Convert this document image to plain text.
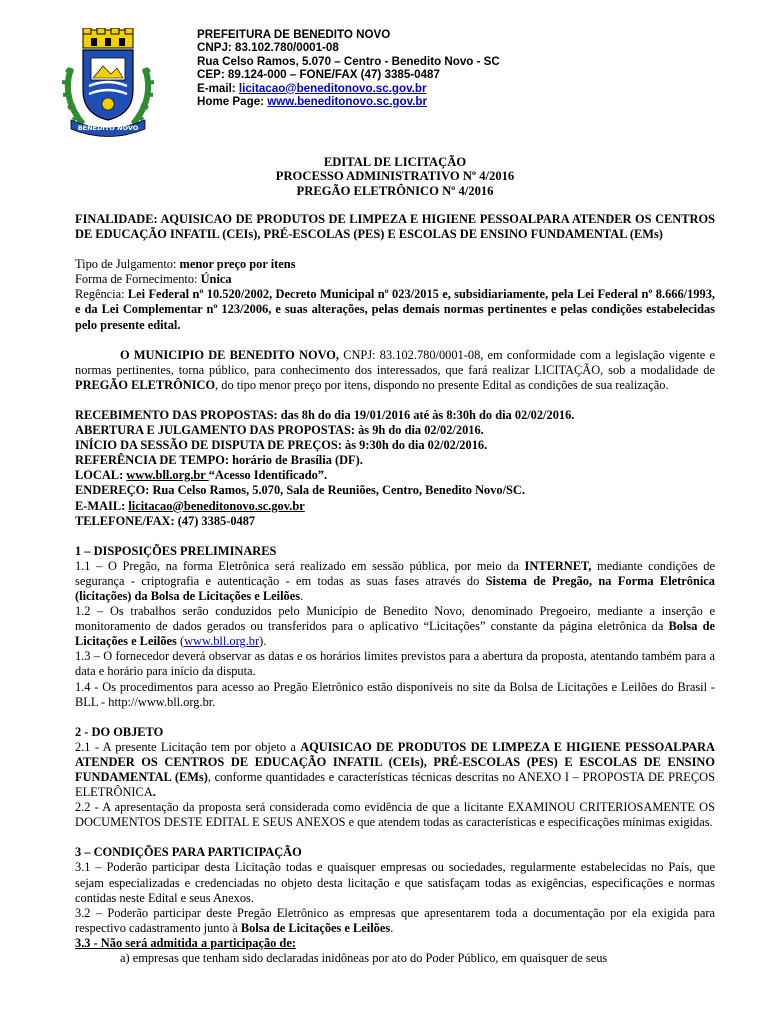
BENEDITO NOVO
PREFEITURA DE BENEDITO NOVO
CNPJ: 83.102.780/0001-08
Rua Celso Ramos, 5.070 – Centro - Benedito Novo - SC
CEP: 89.124-000 – FONE/FAX (47) 3385-0487
E-mail: licitacao@beneditonovo.sc.gov.br
Home Page: www.beneditonovo.sc.gov.br
EDITAL DE LICITAÇÃO
PROCESSO ADMINISTRATIVO Nº 4/2016
PREGÃO ELETRÔNICO Nº 4/2016

FINALIDADE: AQUISICAO DE PRODUTOS DE LIMPEZA E HIGIENE PESSOALPARA ATENDER OS CENTROS DE EDUCAÇÃO INFATIL (CEIs), PRÉ-ESCOLAS (PES) E ESCOLAS DE ENSINO FUNDAMENTAL (EMs)

Tipo de Julgamento: menor preço por itens

Forma de Fornecimento: Única

Regência: Lei Federal nº 10.520/2002, Decreto Municipal nº 023/2015 e, subsidiariamente, pela Lei Federal nº 8.666/1993, e da Lei Complementar nº 123/2006, e suas alterações, pelas demais normas pertinentes e pelas condições estabelecidas pelo presente edital.

O MUNICIPIO DE BENEDITO NOVO, CNPJ: 83.102.780/0001-08, em conformidade com a legislação vigente e normas pertinentes, torna público, para conhecimento dos interessados, que fará realizar LICITAÇÃO, sob a modalidade de PREGÃO ELETRÔNICO, do tipo menor preço por itens, dispondo no presente Edital as condições de sua realização.

RECEBIMENTO DAS PROPOSTAS: das 8h do dia 19/01/2016 até às 8:30h do dia 02/02/2016.

ABERTURA E JULGAMENTO DAS PROPOSTAS: às 9h do dia 02/02/2016.

INÍCIO DA SESSÃO DE DISPUTA DE PREÇOS: às 9:30h do dia 02/02/2016.

REFERÊNCIA DE TEMPO: horário de Brasília (DF).

LOCAL: www.bll.org.br “Acesso Identificado”.

ENDEREÇO: Rua Celso Ramos, 5.070, Sala de Reuniões, Centro, Benedito Novo/SC.

E-MAIL: licitacao@beneditonovo.sc.gov.br

TELEFONE/FAX: (47) 3385-0487

1 – DISPOSIÇÕES PRELIMINARES

1.1 – O Pregão, na forma Eletrônica será realizado em sessão pública, por meio da INTERNET, mediante condições de segurança - criptografia e autenticação - em todas as suas fases através do Sistema de Pregão, na Forma Eletrônica (licitações) da Bolsa de Licitações e Leilões.

1.2 – Os trabalhos serão conduzidos pelo Município de Benedito Novo, denominado Pregoeiro, mediante a inserção e monitoramento de dados gerados ou transferidos para o aplicativo “Licitações” constante da página eletrônica da Bolsa de Licitações e Leilões (www.bll.org.br).

1.3 – O fornecedor deverá observar as datas e os horários limites previstos para a abertura da proposta, atentando também para a data e horário para início da disputa.

1.4 - Os procedimentos para acesso ao Pregão Eletrônico estão disponíveis no site da Bolsa de Licitações e Leilões do Brasil - BLL - http://www.bll.org.br.

2 - DO OBJETO

2.1 - A presente Licitação tem por objeto a AQUISICAO DE PRODUTOS DE LIMPEZA E HIGIENE PESSOALPARA ATENDER OS CENTROS DE EDUCAÇÃO INFATIL (CEIs), PRÉ-ESCOLAS (PES) E ESCOLAS DE ENSINO FUNDAMENTAL (EMs), conforme quantidades e características técnicas descritas no ANEXO I – PROPOSTA DE PREÇOS ELETRÔNICA.

2.2 - A apresentação da proposta será considerada como evidência de que a licitante EXAMINOU CRITERIOSAMENTE OS DOCUMENTOS DESTE EDITAL E SEUS ANEXOS e que atendem todas as características e especificações mínimas exigidas.

3 – CONDIÇÕES PARA PARTICIPAÇÃO

3.1 – Poderão participar desta Licitação todas e quaisquer empresas ou sociedades, regularmente estabelecidas no País, que sejam especializadas e credenciadas no objeto desta licitação e que satisfaçam todas as exigências, especificações e normas contidas neste Edital e seus Anexos.

3.2 – Poderão participar deste Pregão Eletrônico as empresas que apresentarem toda a documentação por ela exigida para respectivo cadastramento junto à Bolsa de Licitações e Leilões.

3.3 - Não será admitida a participação de:

a) empresas que tenham sido declaradas inidôneas por ato do Poder Público, em quaisquer de seus
